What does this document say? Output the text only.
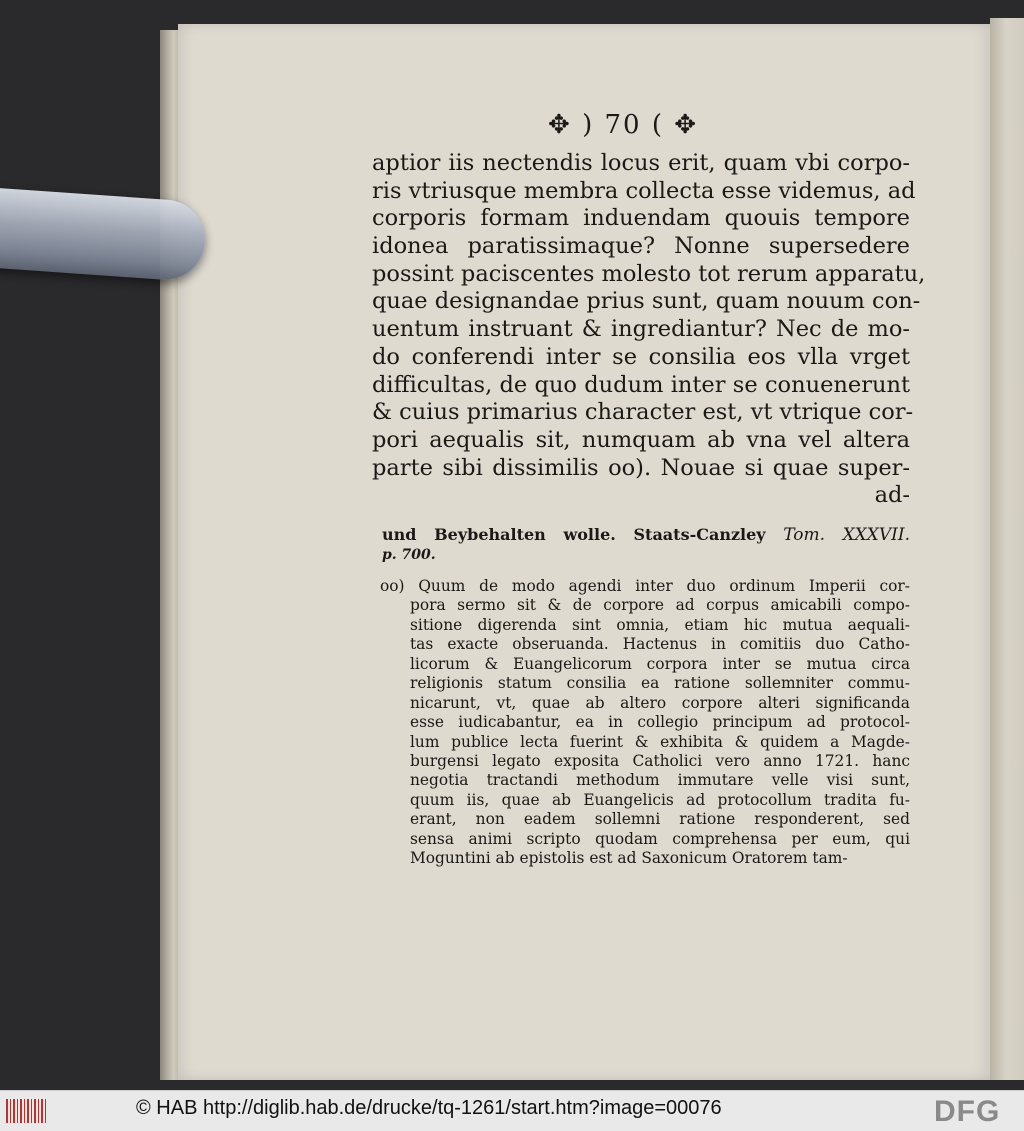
✥ ) 70 ( ✥
aptior iis nectendis locus erit, quam vbi corpo-
ris vtriusque membra collecta esse videmus, ad
corporis formam induendam quouis tempore
idonea paratissimaque? Nonne supersedere
possint paciscentes molesto tot rerum apparatu,
quae designandae prius sunt, quam nouum con-
uentum instruant & ingrediantur? Nec de mo-
do conferendi inter se consilia eos vlla vrget
difficultas, de quo dudum inter se conuenerunt
& cuius primarius character est, vt vtrique cor-
pori aequalis sit, numquam ab vna vel altera
parte sibi dissimilis oo). Nouae si quae super-
ad-
und Beybehalten wolle. Staats-Canzley Tom. XXXVII.
p. 700.
oo) Quum de modo agendi inter duo ordinum Imperii cor-
pora sermo sit & de corpore ad corpus amicabili compo-
sitione digerenda sint omnia, etiam hic mutua aequali-
tas exacte obseruanda. Hactenus in comitiis duo Catho-
licorum & Euangelicorum corpora inter se mutua circa
religionis statum consilia ea ratione sollemniter commu-
nicarunt, vt, quae ab altero corpore alteri significanda
esse iudicabantur, ea in collegio principum ad protocol-
lum publice lecta fuerint & exhibita & quidem a Magde-
burgensi legato exposita Catholici vero anno 1721. hanc
negotia tractandi methodum immutare velle visi sunt,
quum iis, quae ab Euangelicis ad protocollum tradita fu-
erant, non eadem sollemni ratione responderent, sed
sensa animi scripto quodam comprehensa per eum, qui
Moguntini ab epistolis est ad Saxonicum Oratorem tam-
© HAB http://diglib.hab.de/drucke/tq-1261/start.htm?image=00076	DFG
